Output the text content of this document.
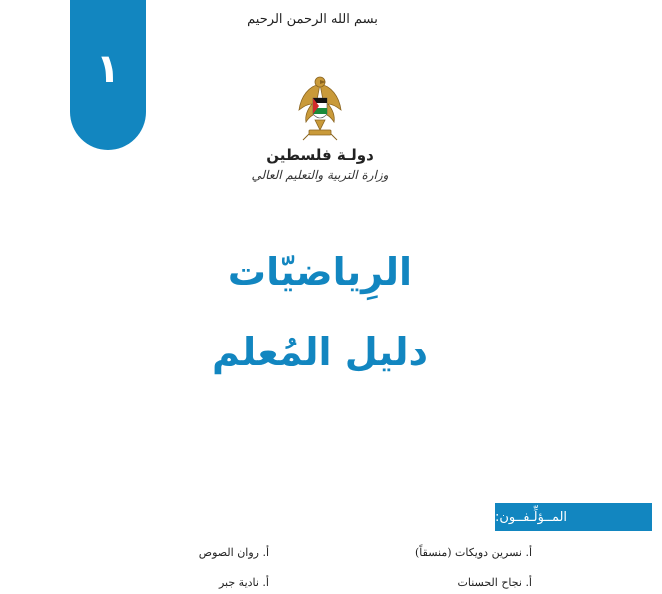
١
بسم الله الرحمن الرحيم
دولـة فلسطين
وزارة التربية والتعليم العالي
الرِياضيّات
دليل المُعلم
المــؤلِّـفــون:
أ. نسرين دويكات (منسقاً)
أ. روان الصوص
أ. نجاح الحسنات
أ. نادية جبر
